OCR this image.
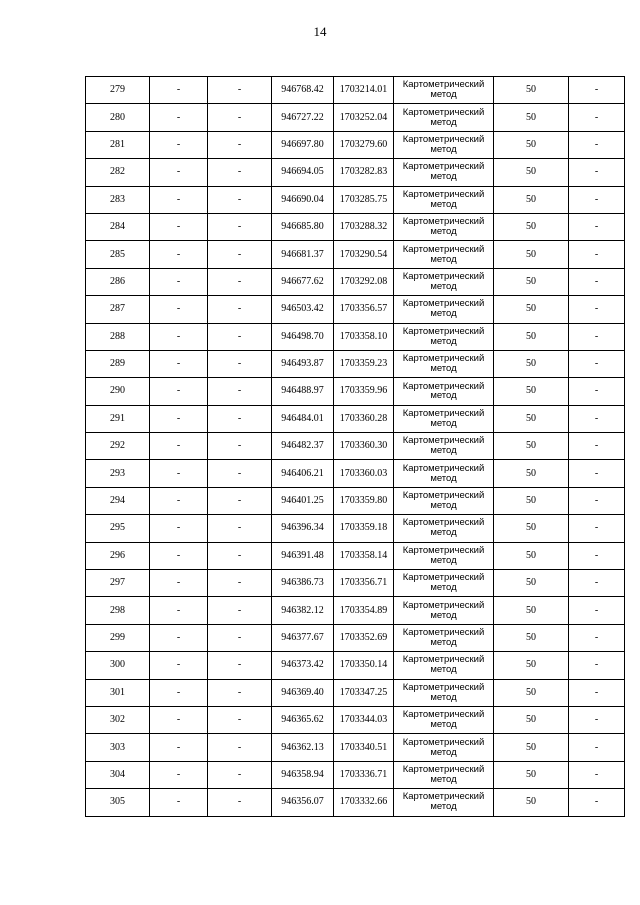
14
279	-	-	946768.42	1703214.01	Картометрический метод	50	-
280	-	-	946727.22	1703252.04	Картометрический метод	50	-
281	-	-	946697.80	1703279.60	Картометрический метод	50	-
282	-	-	946694.05	1703282.83	Картометрический метод	50	-
283	-	-	946690.04	1703285.75	Картометрический метод	50	-
284	-	-	946685.80	1703288.32	Картометрический метод	50	-
285	-	-	946681.37	1703290.54	Картометрический метод	50	-
286	-	-	946677.62	1703292.08	Картометрический метод	50	-
287	-	-	946503.42	1703356.57	Картометрический метод	50	-
288	-	-	946498.70	1703358.10	Картометрический метод	50	-
289	-	-	946493.87	1703359.23	Картометрический метод	50	-
290	-	-	946488.97	1703359.96	Картометрический метод	50	-
291	-	-	946484.01	1703360.28	Картометрический метод	50	-
292	-	-	946482.37	1703360.30	Картометрический метод	50	-
293	-	-	946406.21	1703360.03	Картометрический метод	50	-
294	-	-	946401.25	1703359.80	Картометрический метод	50	-
295	-	-	946396.34	1703359.18	Картометрический метод	50	-
296	-	-	946391.48	1703358.14	Картометрический метод	50	-
297	-	-	946386.73	1703356.71	Картометрический метод	50	-
298	-	-	946382.12	1703354.89	Картометрический метод	50	-
299	-	-	946377.67	1703352.69	Картометрический метод	50	-
300	-	-	946373.42	1703350.14	Картометрический метод	50	-
301	-	-	946369.40	1703347.25	Картометрический метод	50	-
302	-	-	946365.62	1703344.03	Картометрический метод	50	-
303	-	-	946362.13	1703340.51	Картометрический метод	50	-
304	-	-	946358.94	1703336.71	Картометрический метод	50	-
305	-	-	946356.07	1703332.66	Картометрический метод	50	-
